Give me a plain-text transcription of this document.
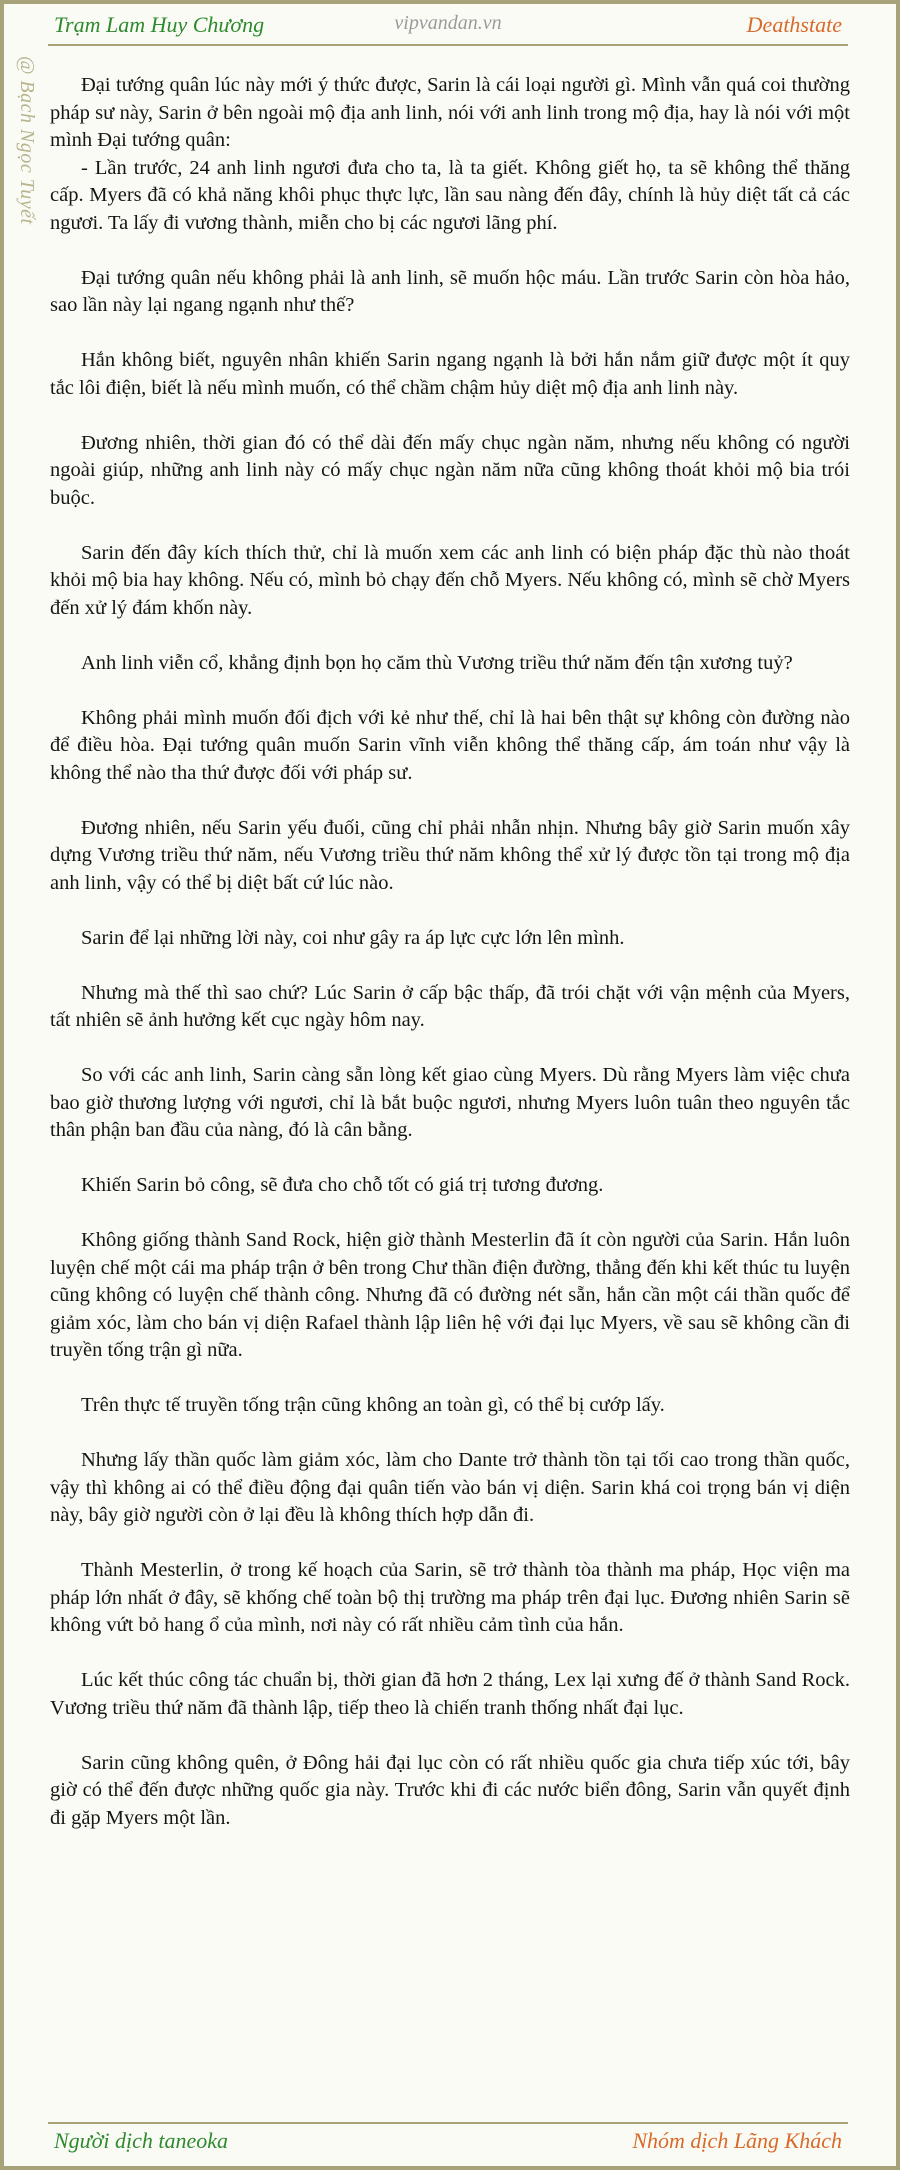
Trạm Lam Huy Chương	vipvandan.vn	Deathstate
@ Bạch Ngọc Tuyết	Đại tướng quân lúc này mới ý thức được, Sarin là cái loại người gì. Mình vẫn quá coi thường pháp sư này, Sarin ở bên ngoài mộ địa anh linh, nói với anh linh trong mộ địa, hay là nói với một mình Đại tướng quân:

- Lần trước, 24 anh linh ngươi đưa cho ta, là ta giết. Không giết họ, ta sẽ không thể thăng cấp. Myers đã có khả năng khôi phục thực lực, lần sau nàng đến đây, chính là hủy diệt tất cả các ngươi. Ta lấy đi vương thành, miễn cho bị các ngươi lãng phí.

Đại tướng quân nếu không phải là anh linh, sẽ muốn hộc máu. Lần trước Sarin còn hòa hảo, sao lần này lại ngang ngạnh như thế?

Hắn không biết, nguyên nhân khiến Sarin ngang ngạnh là bởi hắn nắm giữ được một ít quy tắc lôi điện, biết là nếu mình muốn, có thể chầm chậm hủy diệt mộ địa anh linh này.

Đương nhiên, thời gian đó có thể dài đến mấy chục ngàn năm, nhưng nếu không có người ngoài giúp, những anh linh này có mấy chục ngàn năm nữa cũng không thoát khỏi mộ bia trói buộc.

Sarin đến đây kích thích thử, chỉ là muốn xem các anh linh có biện pháp đặc thù nào thoát khỏi mộ bia hay không. Nếu có, mình bỏ chạy đến chỗ Myers. Nếu không có, mình sẽ chờ Myers đến xử lý đám khốn này.

Anh linh viễn cổ, khẳng định bọn họ căm thù Vương triều thứ năm đến tận xương tuỷ?

Không phải mình muốn đối địch với kẻ như thế, chỉ là hai bên thật sự không còn đường nào để điều hòa. Đại tướng quân muốn Sarin vĩnh viễn không thể thăng cấp, ám toán như vậy là không thể nào tha thứ được đối với pháp sư.

Đương nhiên, nếu Sarin yếu đuối, cũng chỉ phải nhẫn nhịn. Nhưng bây giờ Sarin muốn xây dựng Vương triều thứ năm, nếu Vương triều thứ năm không thể xử lý được tồn tại trong mộ địa anh linh, vậy có thể bị diệt bất cứ lúc nào.

Sarin để lại những lời này, coi như gây ra áp lực cực lớn lên mình.

Nhưng mà thế thì sao chứ? Lúc Sarin ở cấp bậc thấp, đã trói chặt với vận mệnh của Myers, tất nhiên sẽ ảnh hưởng kết cục ngày hôm nay.

So với các anh linh, Sarin càng sẵn lòng kết giao cùng Myers. Dù rằng Myers làm việc chưa bao giờ thương lượng với ngươi, chỉ là bắt buộc ngươi, nhưng Myers luôn tuân theo nguyên tắc thân phận ban đầu của nàng, đó là cân bằng.

Khiến Sarin bỏ công, sẽ đưa cho chỗ tốt có giá trị tương đương.

Không giống thành Sand Rock, hiện giờ thành Mesterlin đã ít còn người của Sarin. Hắn luôn luyện chế một cái ma pháp trận ở bên trong Chư thần điện đường, thẳng đến khi kết thúc tu luyện cũng không có luyện chế thành công. Nhưng đã có đường nét sẵn, hắn cần một cái thần quốc để giảm xóc, làm cho bán vị diện Rafael thành lập liên hệ với đại lục Myers, về sau sẽ không cần đi truyền tống trận gì nữa.

Trên thực tế truyền tống trận cũng không an toàn gì, có thể bị cướp lấy.

Nhưng lấy thần quốc làm giảm xóc, làm cho Dante trở thành tồn tại tối cao trong thần quốc, vậy thì không ai có thể điều động đại quân tiến vào bán vị diện. Sarin khá coi trọng bán vị diện này, bây giờ người còn ở lại đều là không thích hợp dẫn đi.

Thành Mesterlin, ở trong kế hoạch của Sarin, sẽ trở thành tòa thành ma pháp, Học viện ma pháp lớn nhất ở đây, sẽ khống chế toàn bộ thị trường ma pháp trên đại lục. Đương nhiên Sarin sẽ không vứt bỏ hang ổ của mình, nơi này có rất nhiều cảm tình của hắn.

Lúc kết thúc công tác chuẩn bị, thời gian đã hơn 2 tháng, Lex lại xưng đế ở thành Sand Rock. Vương triều thứ năm đã thành lập, tiếp theo là chiến tranh thống nhất đại lục.

Sarin cũng không quên, ở Đông hải đại lục còn có rất nhiều quốc gia chưa tiếp xúc tới, bây giờ có thể đến được những quốc gia này. Trước khi đi các nước biển đông, Sarin vẫn quyết định đi gặp Myers một lần.

Người dịch taneoka	Nhóm dịch Lãng Khách
